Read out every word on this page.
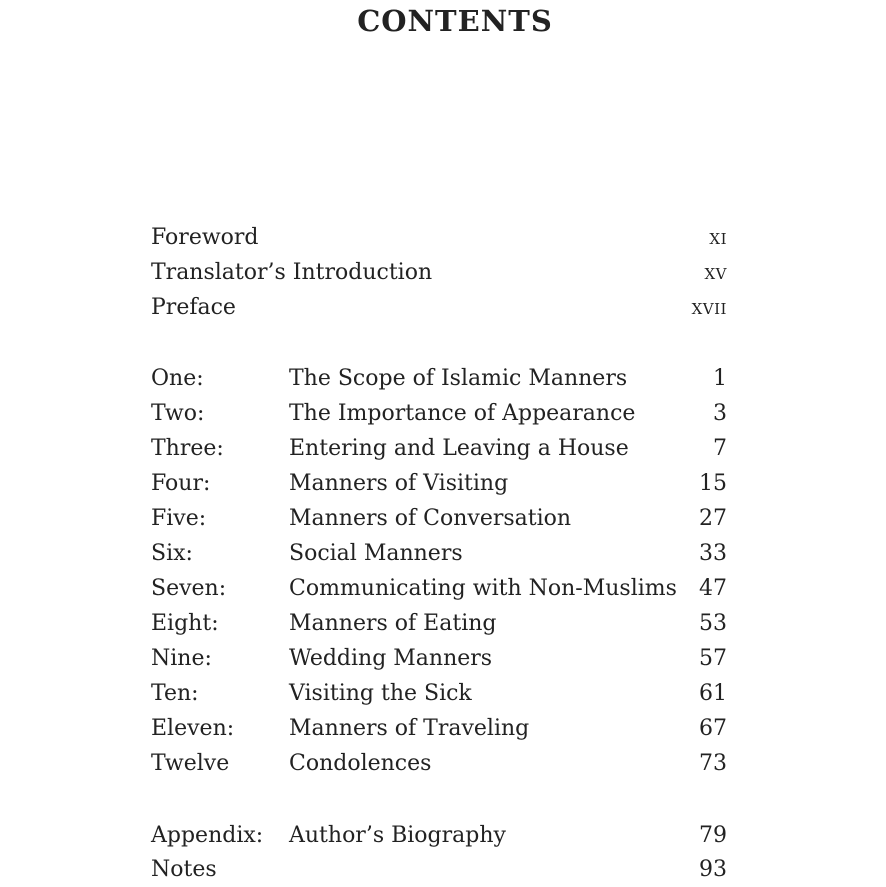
CONTENTS
Foreword	xi
Translator’s Introduction	xv
Preface	xvii
One:	The Scope of Islamic Manners	1
Two:	The Importance of Appearance	3
Three:	Entering and Leaving a House	7
Four:	Manners of Visiting	15
Five:	Manners of Conversation	27
Six:	Social Manners	33
Seven:	Communicating with Non-Muslims 47
Eight:	Manners of Eating	53
Nine:	Wedding Manners	57
Ten:	Visiting the Sick	61
Eleven: Manners of Traveling	67
Twelve	Condolences	73
Appendix: Author’s Biography	79
Notes	93
